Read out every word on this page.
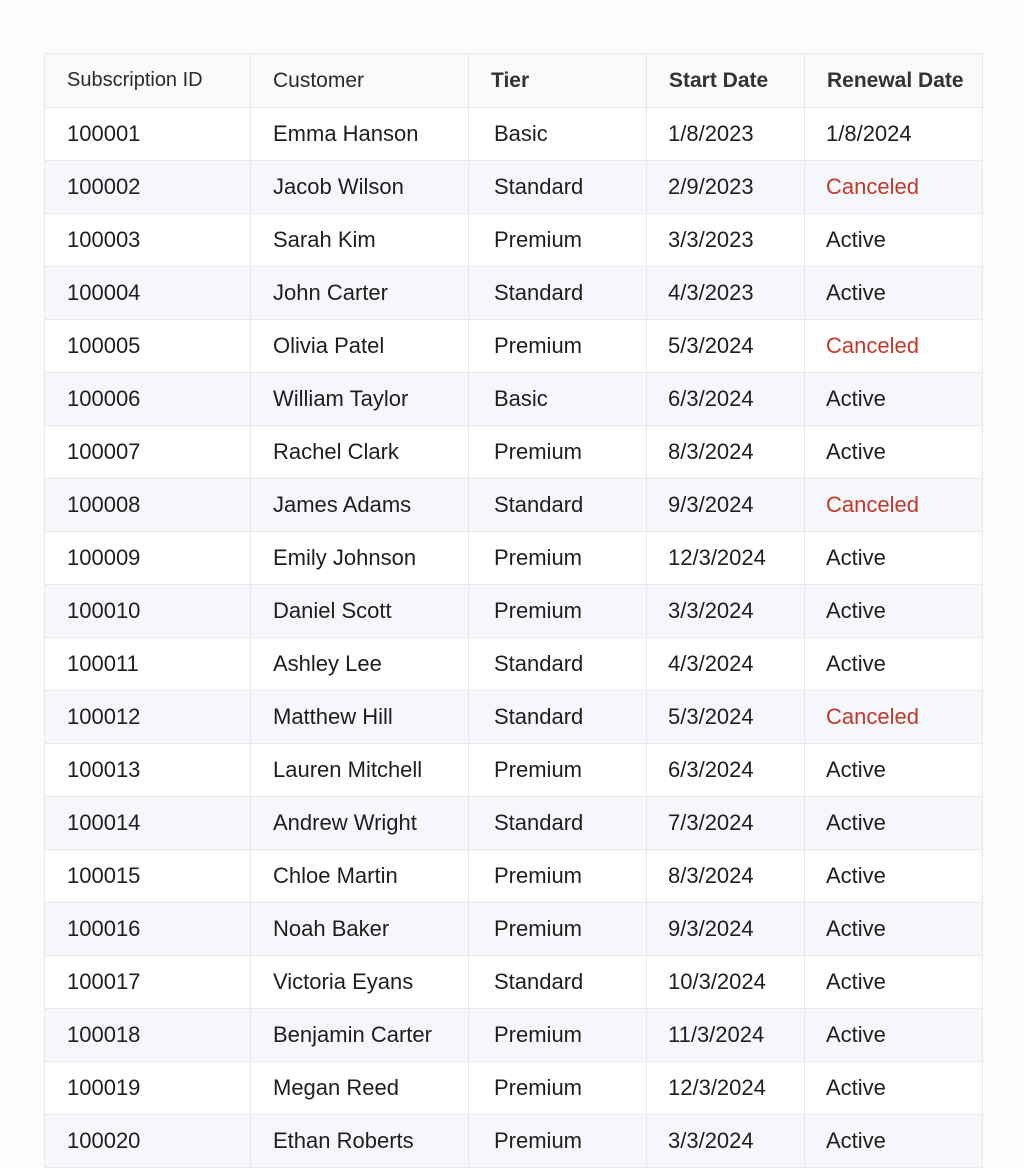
Subscription ID	Customer	Tier	Start Date	Renewal Date
100001	Emma Hanson	Basic	1/8/2023	1/8/2024
100002	Jacob Wilson	Standard	2/9/2023	Canceled
100003	Sarah Kim	Premium	3/3/2023	Active
100004	John Carter	Standard	4/3/2023	Active
100005	Olivia Patel	Premium	5/3/2024	Canceled
100006	William Taylor	Basic	6/3/2024	Active
100007	Rachel Clark	Premium	8/3/2024	Active
100008	James Adams	Standard	9/3/2024	Canceled
100009	Emily Johnson	Premium	12/3/2024	Active
100010	Daniel Scott	Premium	3/3/2024	Active
100011	Ashley Lee	Standard	4/3/2024	Active
100012	Matthew Hill	Standard	5/3/2024	Canceled
100013	Lauren Mitchell	Premium	6/3/2024	Active
100014	Andrew Wright	Standard	7/3/2024	Active
100015	Chloe Martin	Premium	8/3/2024	Active
100016	Noah Baker	Premium	9/3/2024	Active
100017	Victoria Eyans	Standard	10/3/2024	Active
100018	Benjamin Carter	Premium	11/3/2024	Active
100019	Megan Reed	Premium	12/3/2024	Active
100020	Ethan Roberts	Premium	3/3/2024	Active
